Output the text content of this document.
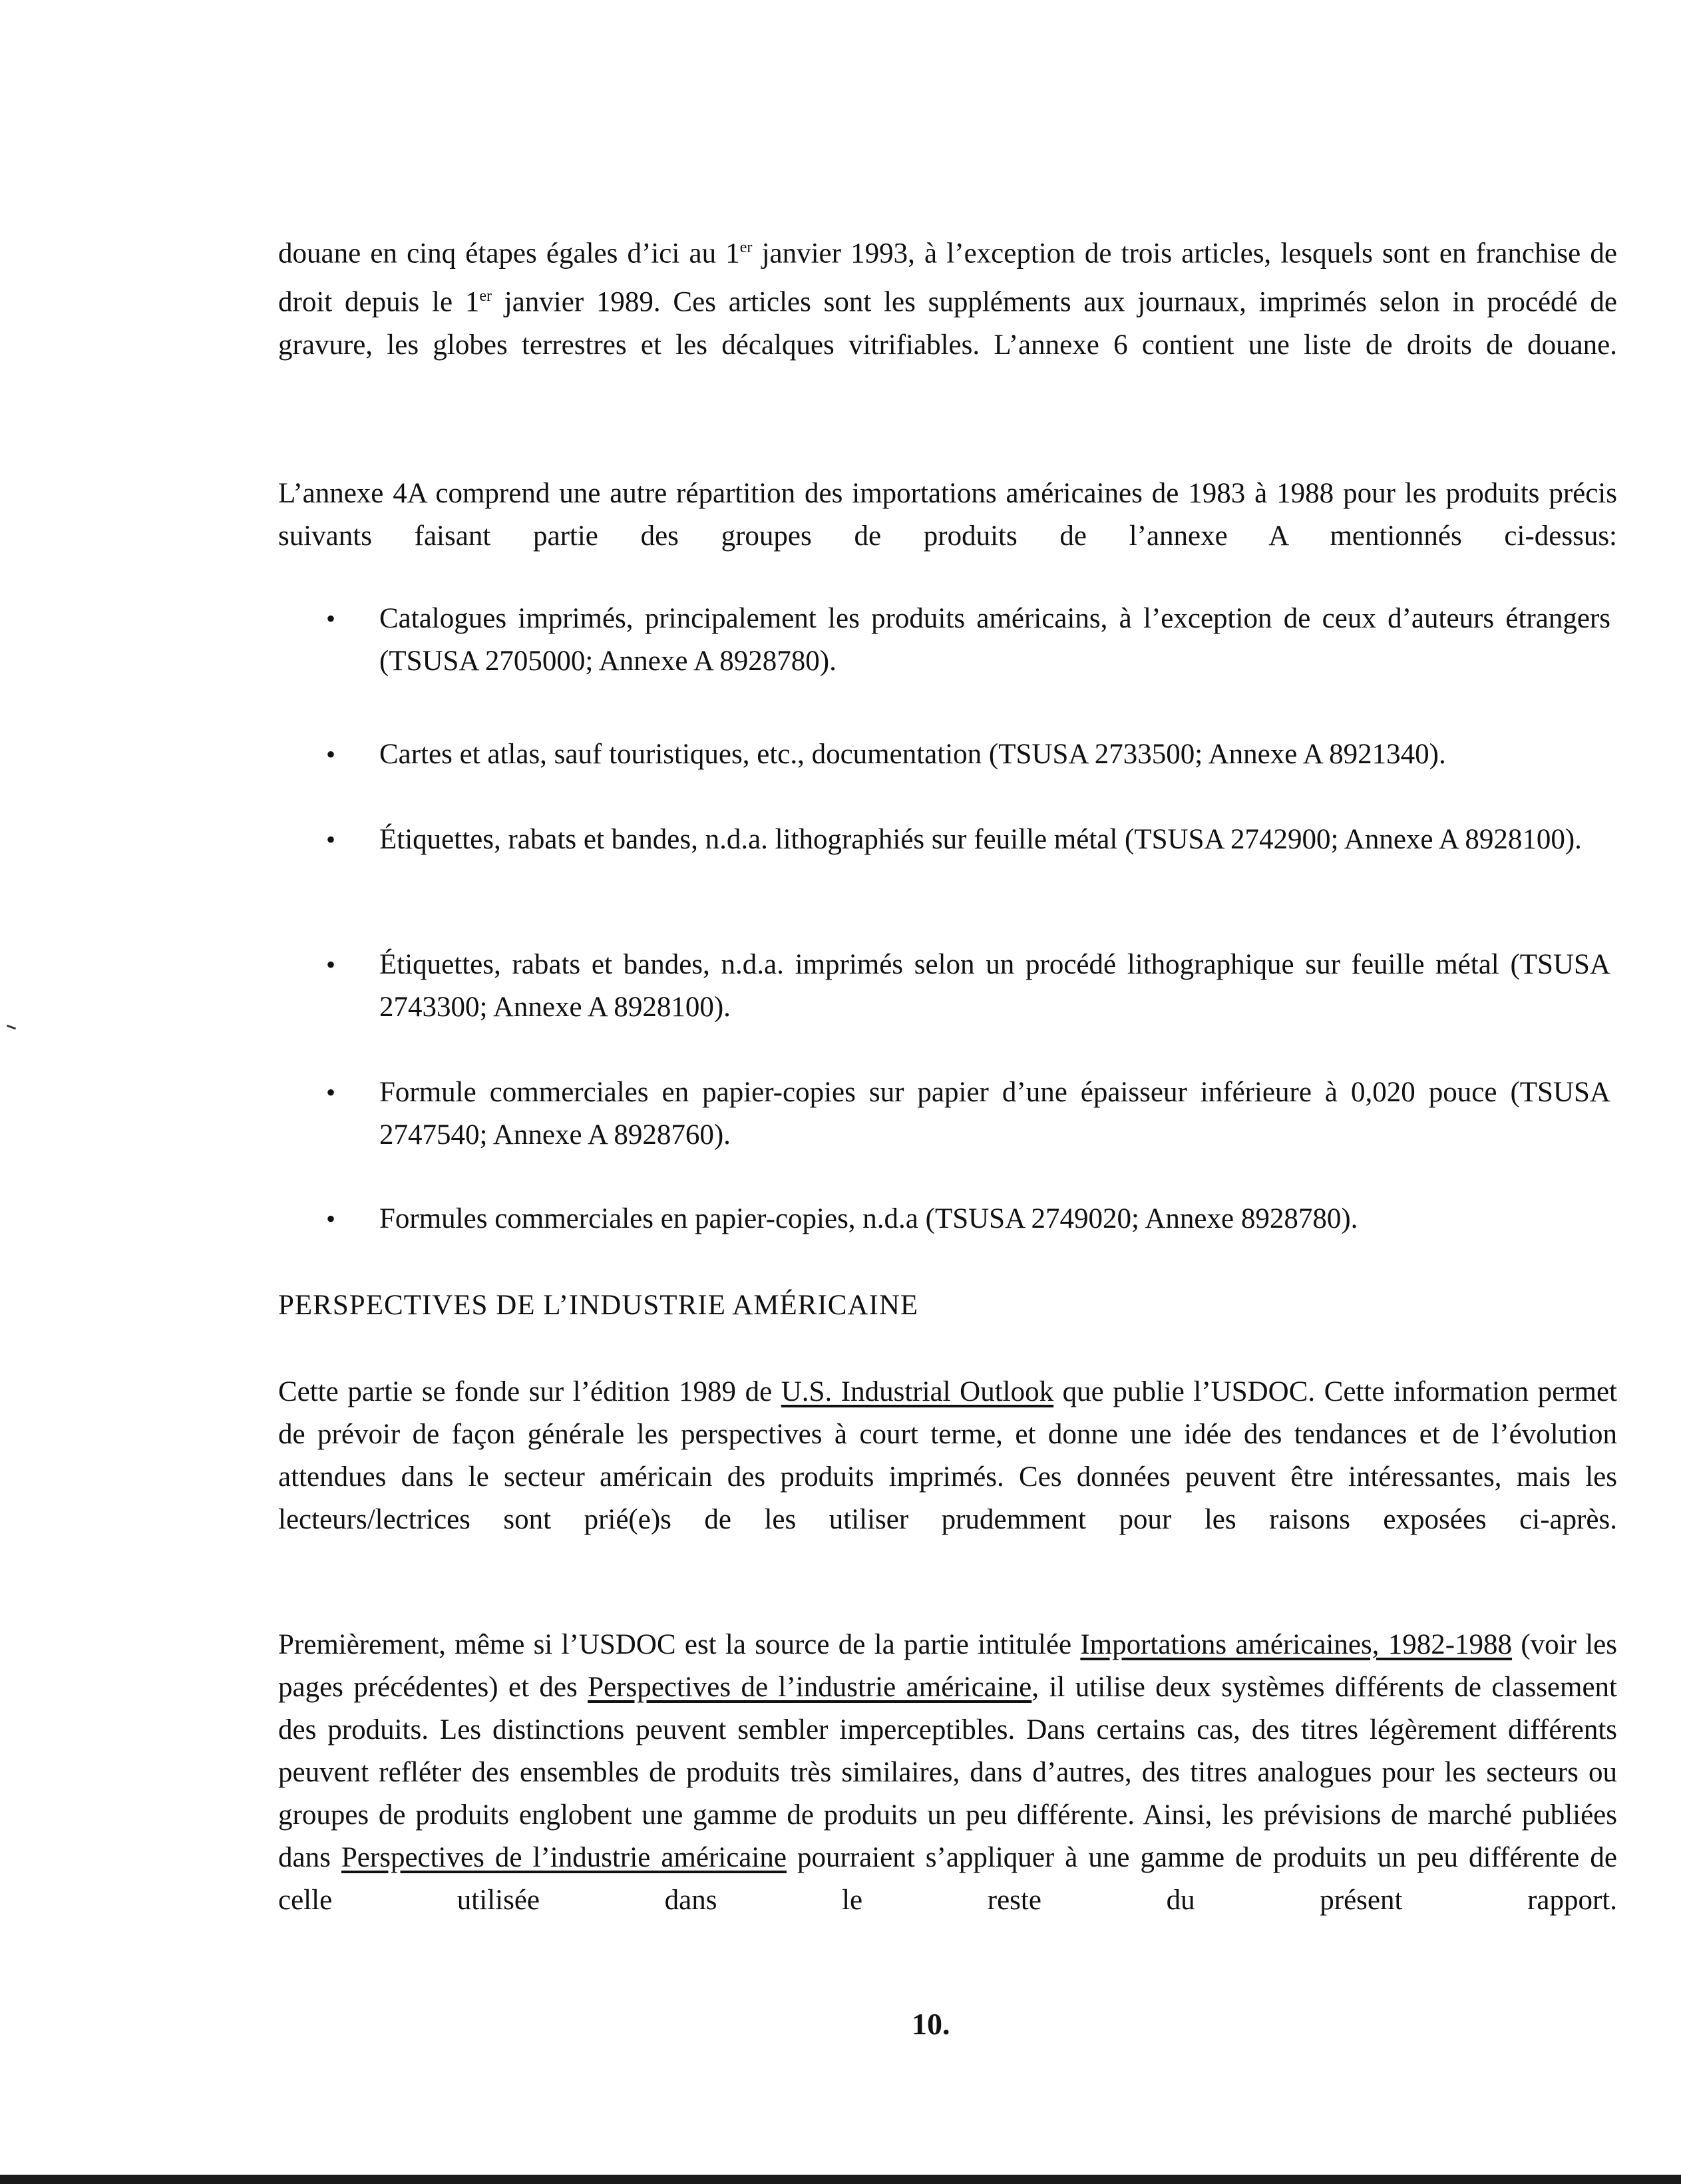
douane en cinq étapes égales d’ici au 1er janvier 1993, à l’exception de trois articles, lesquels sont en franchise de droit depuis le 1er janvier 1989. Ces articles sont les suppléments aux journaux, imprimés selon in procédé de gravure, les globes terrestres et les décalques vitrifiables. L’annexe 6 contient une liste de droits de douane.

L’annexe 4A comprend une autre répartition des importations américaines de 1983 à 1988 pour les produits précis suivants faisant partie des groupes de produits de l’annexe A mentionnés ci-dessus:

•
Catalogues imprimés, principalement les produits américains, à l’exception de ceux d’auteurs étrangers (TSUSA 2705000; Annexe A 8928780).
•
Cartes et atlas, sauf touristiques, etc., documentation (TSUSA 2733500; Annexe A 8921340).
•
Étiquettes, rabats et bandes, n.d.a. lithographiés sur feuille métal (TSUSA 2742900; Annexe A 8928100).
•
Étiquettes, rabats et bandes, n.d.a. imprimés selon un procédé lithographique sur feuille métal (TSUSA 2743300; Annexe A 8928100).
•
Formule commerciales en papier-copies sur papier d’une épaisseur inférieure à 0,020 pouce (TSUSA 2747540; Annexe A 8928760).
•
Formules commerciales en papier-copies, n.d.a (TSUSA 2749020; Annexe 8928780).
PERSPECTIVES DE L’INDUSTRIE AMÉRICAINE

Cette partie se fonde sur l’édition 1989 de U.S. Industrial Outlook que publie l’USDOC. Cette information permet de prévoir de façon générale les perspectives à court terme, et donne une idée des tendances et de l’évolution attendues dans le secteur américain des produits imprimés. Ces données peuvent être intéressantes, mais les lecteurs/lectrices sont prié(e)s de les utiliser prudemment pour les raisons exposées ci-après.

Premièrement, même si l’USDOC est la source de la partie intitulée Importations américaines, 1982-1988 (voir les pages précédentes) et des Perspectives de l’industrie américaine, il utilise deux systèmes différents de classement des produits. Les distinctions peuvent sembler imperceptibles. Dans certains cas, des titres légèrement différents peuvent refléter des ensembles de produits très similaires, dans d’autres, des titres analogues pour les secteurs ou groupes de produits englobent une gamme de produits un peu différente. Ainsi, les prévisions de marché publiées dans Perspectives de l’industrie américaine pourraient s’appliquer à une gamme de produits un peu différente de celle utilisée dans le reste du présent rapport.

10.
